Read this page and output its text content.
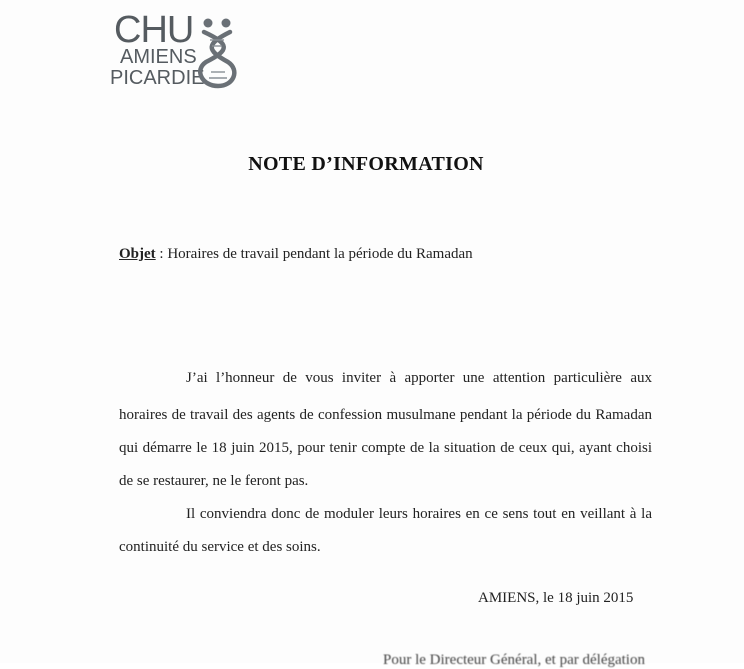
CHU
AMIENS
PICARDIE
NOTE D’INFORMATION
Objet : Horaires de travail pendant la période du Ramadan
J’ai l’honneur de vous inviter à apporter une attention particulière aux
horaires de travail des agents de confession musulmane pendant la période du Ramadan
qui démarre le 18 juin 2015, pour tenir compte de la situation de ceux qui, ayant choisi
de se restaurer, ne le feront pas.
Il conviendra donc de moduler leurs horaires en ce sens tout en veillant à la
continuité du service et des soins.
AMIENS, le 18 juin 2015
Pour le Directeur Général, et par délégation
